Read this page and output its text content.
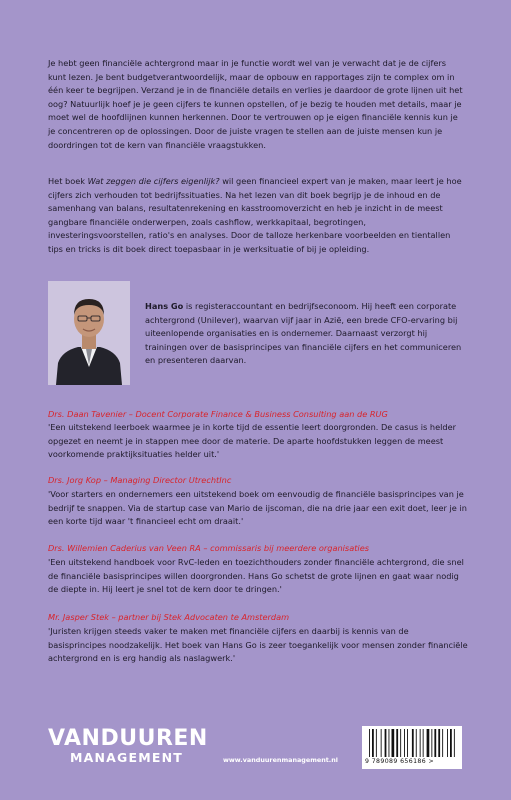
Je hebt geen financiële achtergrond maar in je functie wordt wel van je verwacht dat je de cijfers kunt lezen. Je bent budgetverantwoordelijk, maar de opbouw en rapportages zijn te complex om in één keer te begrijpen. Verzand je in de financiële details en verlies je daardoor de grote lijnen uit het oog? Natuurlijk hoef je je geen cijfers te kunnen opstellen, of je bezig te houden met details, maar je moet wel de hoofdlijnen kunnen herkennen. Door te vertrouwen op je eigen financiële kennis kun je je concentreren op de oplossingen. Door de juiste vragen te stellen aan de juiste mensen kun je doordringen tot de kern van financiële vraagstukken.

Het boek Wat zeggen die cijfers eigenlijk? wil geen financieel expert van je maken, maar leert je hoe cijfers zich verhouden tot bedrijfssituaties. Na het lezen van dit boek begrijp je de inhoud en de samenhang van balans, resultatenrekening en kasstroomoverzicht en heb je inzicht in de meest gangbare financiële onderwerpen, zoals cashflow, werkkapitaal, begrotingen, investeringsvoorstellen, ratio's en analyses. Door de talloze herkenbare voorbeelden en tientallen tips en tricks is dit boek direct toepasbaar in je werksituatie of bij je opleiding.

Hans Go is registeraccountant en bedrijfseconoom. Hij heeft een corporate achtergrond (Unilever), waarvan vijf jaar in Azië, een brede CFO-ervaring bij uiteenlopende organisaties en is ondernemer. Daarnaast verzorgt hij trainingen over de basisprincipes van financiële cijfers en het communiceren en presenteren daarvan.

Drs. Daan Tavenier – Docent Corporate Finance & Business Consulting aan de RUG

'Een uitstekend leerboek waarmee je in korte tijd de essentie leert doorgronden. De casus is helder opgezet en neemt je in stappen mee door de materie. De aparte hoofdstukken leggen de meest voorkomende praktijksituaties helder uit.'

Drs. Jorg Kop – Managing Director UtrechtInc

'Voor starters en ondernemers een uitstekend boek om eenvoudig de financiële basisprincipes van je bedrijf te snappen. Via de startup case van Mario de ijscoman, die na drie jaar een exit doet, leer je in een korte tijd waar 't financieel echt om draait.'

Drs. Willemien Caderius van Veen RA – commissaris bij meerdere organisaties

'Een uitstekend handboek voor RvC-leden en toezichthouders zonder financiële achtergrond, die snel de financiële basisprincipes willen doorgronden. Hans Go schetst de grote lijnen en gaat waar nodig de diepte in. Hij leert je snel tot de kern door te dringen.'

Mr. Jasper Stek – partner bij Stek Advocaten te Amsterdam

'Juristen krijgen steeds vaker te maken met financiële cijfers en daarbij is kennis van de basisprincipes noodzakelijk. Het boek van Hans Go is zeer toegankelijk voor mensen zonder financiële achtergrond en is erg handig als naslagwerk.'

VANDUUREN
MANAGEMENT	www.vanduurenmanagement.nl	9 789089 656186 >
